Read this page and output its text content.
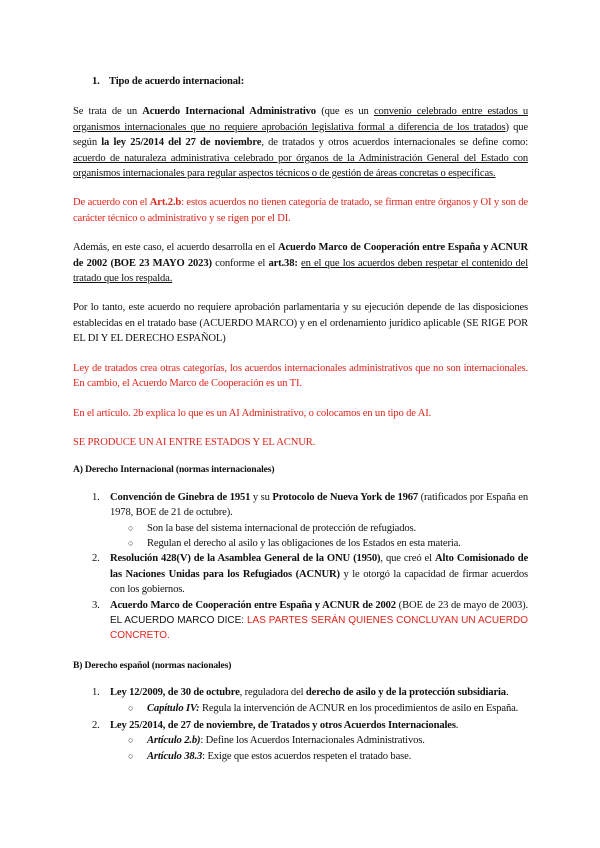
1. Tipo de acuerdo internacional:

Se trata de un Acuerdo Internacional Administrativo (que es un convenio celebrado entre estados u organismos internacionales que no requiere aprobación legislativa formal a diferencia de los tratados) que según la ley 25/2014 del 27 de noviembre, de tratados y otros acuerdos internacionales se define como: acuerdo de naturaleza administrativa celebrado por órganos de la Administración General del Estado con organismos internacionales para regular aspectos técnicos o de gestión de áreas concretas o específicas.

De acuerdo con el Art.2.b: estos acuerdos no tienen categoría de tratado, se firman entre órganos y OI y son de carácter técnico o administrativo y se rigen por el DI.

Además, en este caso, el acuerdo desarrolla en el Acuerdo Marco de Cooperación entre España y ACNUR de 2002 (BOE 23 MAYO 2023) conforme el art.38: en el que los acuerdos deben respetar el contenido del tratado que los respalda.

Por lo tanto, este acuerdo no requiere aprobación parlamentaria y su ejecución depende de las disposiciones establecidas en el tratado base (ACUERDO MARCO) y en el ordenamiento jurídico aplicable (SE RIGE POR EL DI Y EL DERECHO ESPAÑOL)

Ley de tratados crea otras categorías, los acuerdos internacionales administrativos que no son internacionales. En cambio, el Acuerdo Marco de Cooperación es un TI.

En el artículo. 2b explica lo que es un AI Administrativo, o colocamos en un tipo de AI.

SE PRODUCE UN AI ENTRE ESTADOS Y EL ACNUR.

A) Derecho Internacional (normas internacionales)

1. Convención de Ginebra de 1951 y su Protocolo de Nueva York de 1967 (ratificados por España en 1978, BOE de 21 de octubre).
○ Son la base del sistema internacional de protección de refugiados.
○ Regulan el derecho al asilo y las obligaciones de los Estados en esta materia.
2. Resolución 428(V) de la Asamblea General de la ONU (1950), que creó el Alto Comisionado de las Naciones Unidas para los Refugiados (ACNUR) y le otorgó la capacidad de firmar acuerdos con los gobiernos.
3. Acuerdo Marco de Cooperación entre España y ACNUR de 2002 (BOE de 23 de mayo de 2003). EL ACUERDO MARCO DICE: LAS PARTES SERÁN QUIENES CONCLUYAN UN ACUERDO CONCRETO.

B) Derecho español (normas nacionales)

1. Ley 12/2009, de 30 de octubre, reguladora del derecho de asilo y de la protección subsidiaria.
○ Capítulo IV: Regula la intervención de ACNUR en los procedimientos de asilo en España.
2. Ley 25/2014, de 27 de noviembre, de Tratados y otros Acuerdos Internacionales.
○ Artículo 2.b): Define los Acuerdos Internacionales Administrativos.
○ Artículo 38.3: Exige que estos acuerdos respeten el tratado base.
